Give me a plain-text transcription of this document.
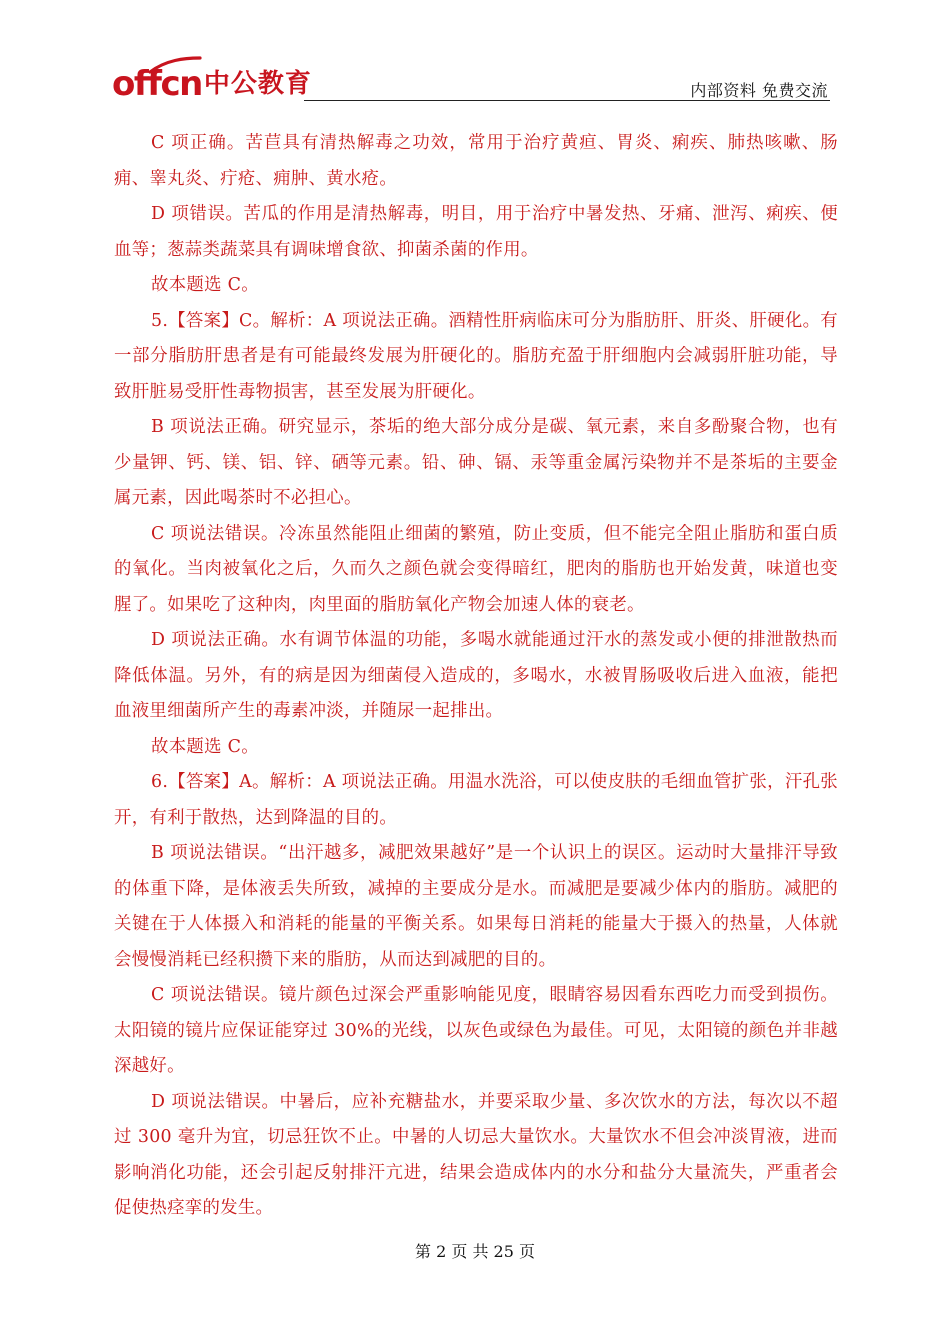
offcn 中公教育	内部资料 免费交流

C 项正确。苦苣具有清热解毒之功效，常用于治疗黄疸、胃炎、痢疾、肺热咳嗽、肠痈、睾丸炎、疔疮、痈肿、黄水疮。

D 项错误。苦瓜的作用是清热解毒，明目，用于治疗中暑发热、牙痛、泄泻、痢疾、便血等；葱蒜类蔬菜具有调味增食欲、抑菌杀菌的作用。

故本题选 C。

5.【答案】C。解析：A 项说法正确。酒精性肝病临床可分为脂肪肝、肝炎、肝硬化。有一部分脂肪肝患者是有可能最终发展为肝硬化的。脂肪充盈于肝细胞内会减弱肝脏功能，导致肝脏易受肝性毒物损害，甚至发展为肝硬化。

B 项说法正确。研究显示，茶垢的绝大部分成分是碳、氧元素，来自多酚聚合物，也有少量钾、钙、镁、铝、锌、硒等元素。铅、砷、镉、汞等重金属污染物并不是茶垢的主要金属元素，因此喝茶时不必担心。

C 项说法错误。冷冻虽然能阻止细菌的繁殖，防止变质，但不能完全阻止脂肪和蛋白质的氧化。当肉被氧化之后，久而久之颜色就会变得暗红，肥肉的脂肪也开始发黄，味道也变腥了。如果吃了这种肉，肉里面的脂肪氧化产物会加速人体的衰老。

D 项说法正确。水有调节体温的功能，多喝水就能通过汗水的蒸发或小便的排泄散热而降低体温。另外，有的病是因为细菌侵入造成的，多喝水，水被胃肠吸收后进入血液，能把血液里细菌所产生的毒素冲淡，并随尿一起排出。

故本题选 C。

6.【答案】A。解析：A 项说法正确。用温水洗浴，可以使皮肤的毛细血管扩张，汗孔张开，有利于散热，达到降温的目的。

B 项说法错误。“出汗越多，减肥效果越好”是一个认识上的误区。运动时大量排汗导致的体重下降，是体液丢失所致，减掉的主要成分是水。而减肥是要减少体内的脂肪。减肥的关键在于人体摄入和消耗的能量的平衡关系。如果每日消耗的能量大于摄入的热量，人体就会慢慢消耗已经积攒下来的脂肪，从而达到减肥的目的。

C 项说法错误。镜片颜色过深会严重影响能见度，眼睛容易因看东西吃力而受到损伤。太阳镜的镜片应保证能穿过 30%的光线，以灰色或绿色为最佳。可见，太阳镜的颜色并非越深越好。

D 项说法错误。中暑后，应补充糖盐水，并要采取少量、多次饮水的方法，每次以不超过 300 毫升为宜，切忌狂饮不止。中暑的人切忌大量饮水。大量饮水不但会冲淡胃液，进而影响消化功能，还会引起反射排汗亢进，结果会造成体内的水分和盐分大量流失，严重者会促使热痉挛的发生。

第 2 页 共 25 页
